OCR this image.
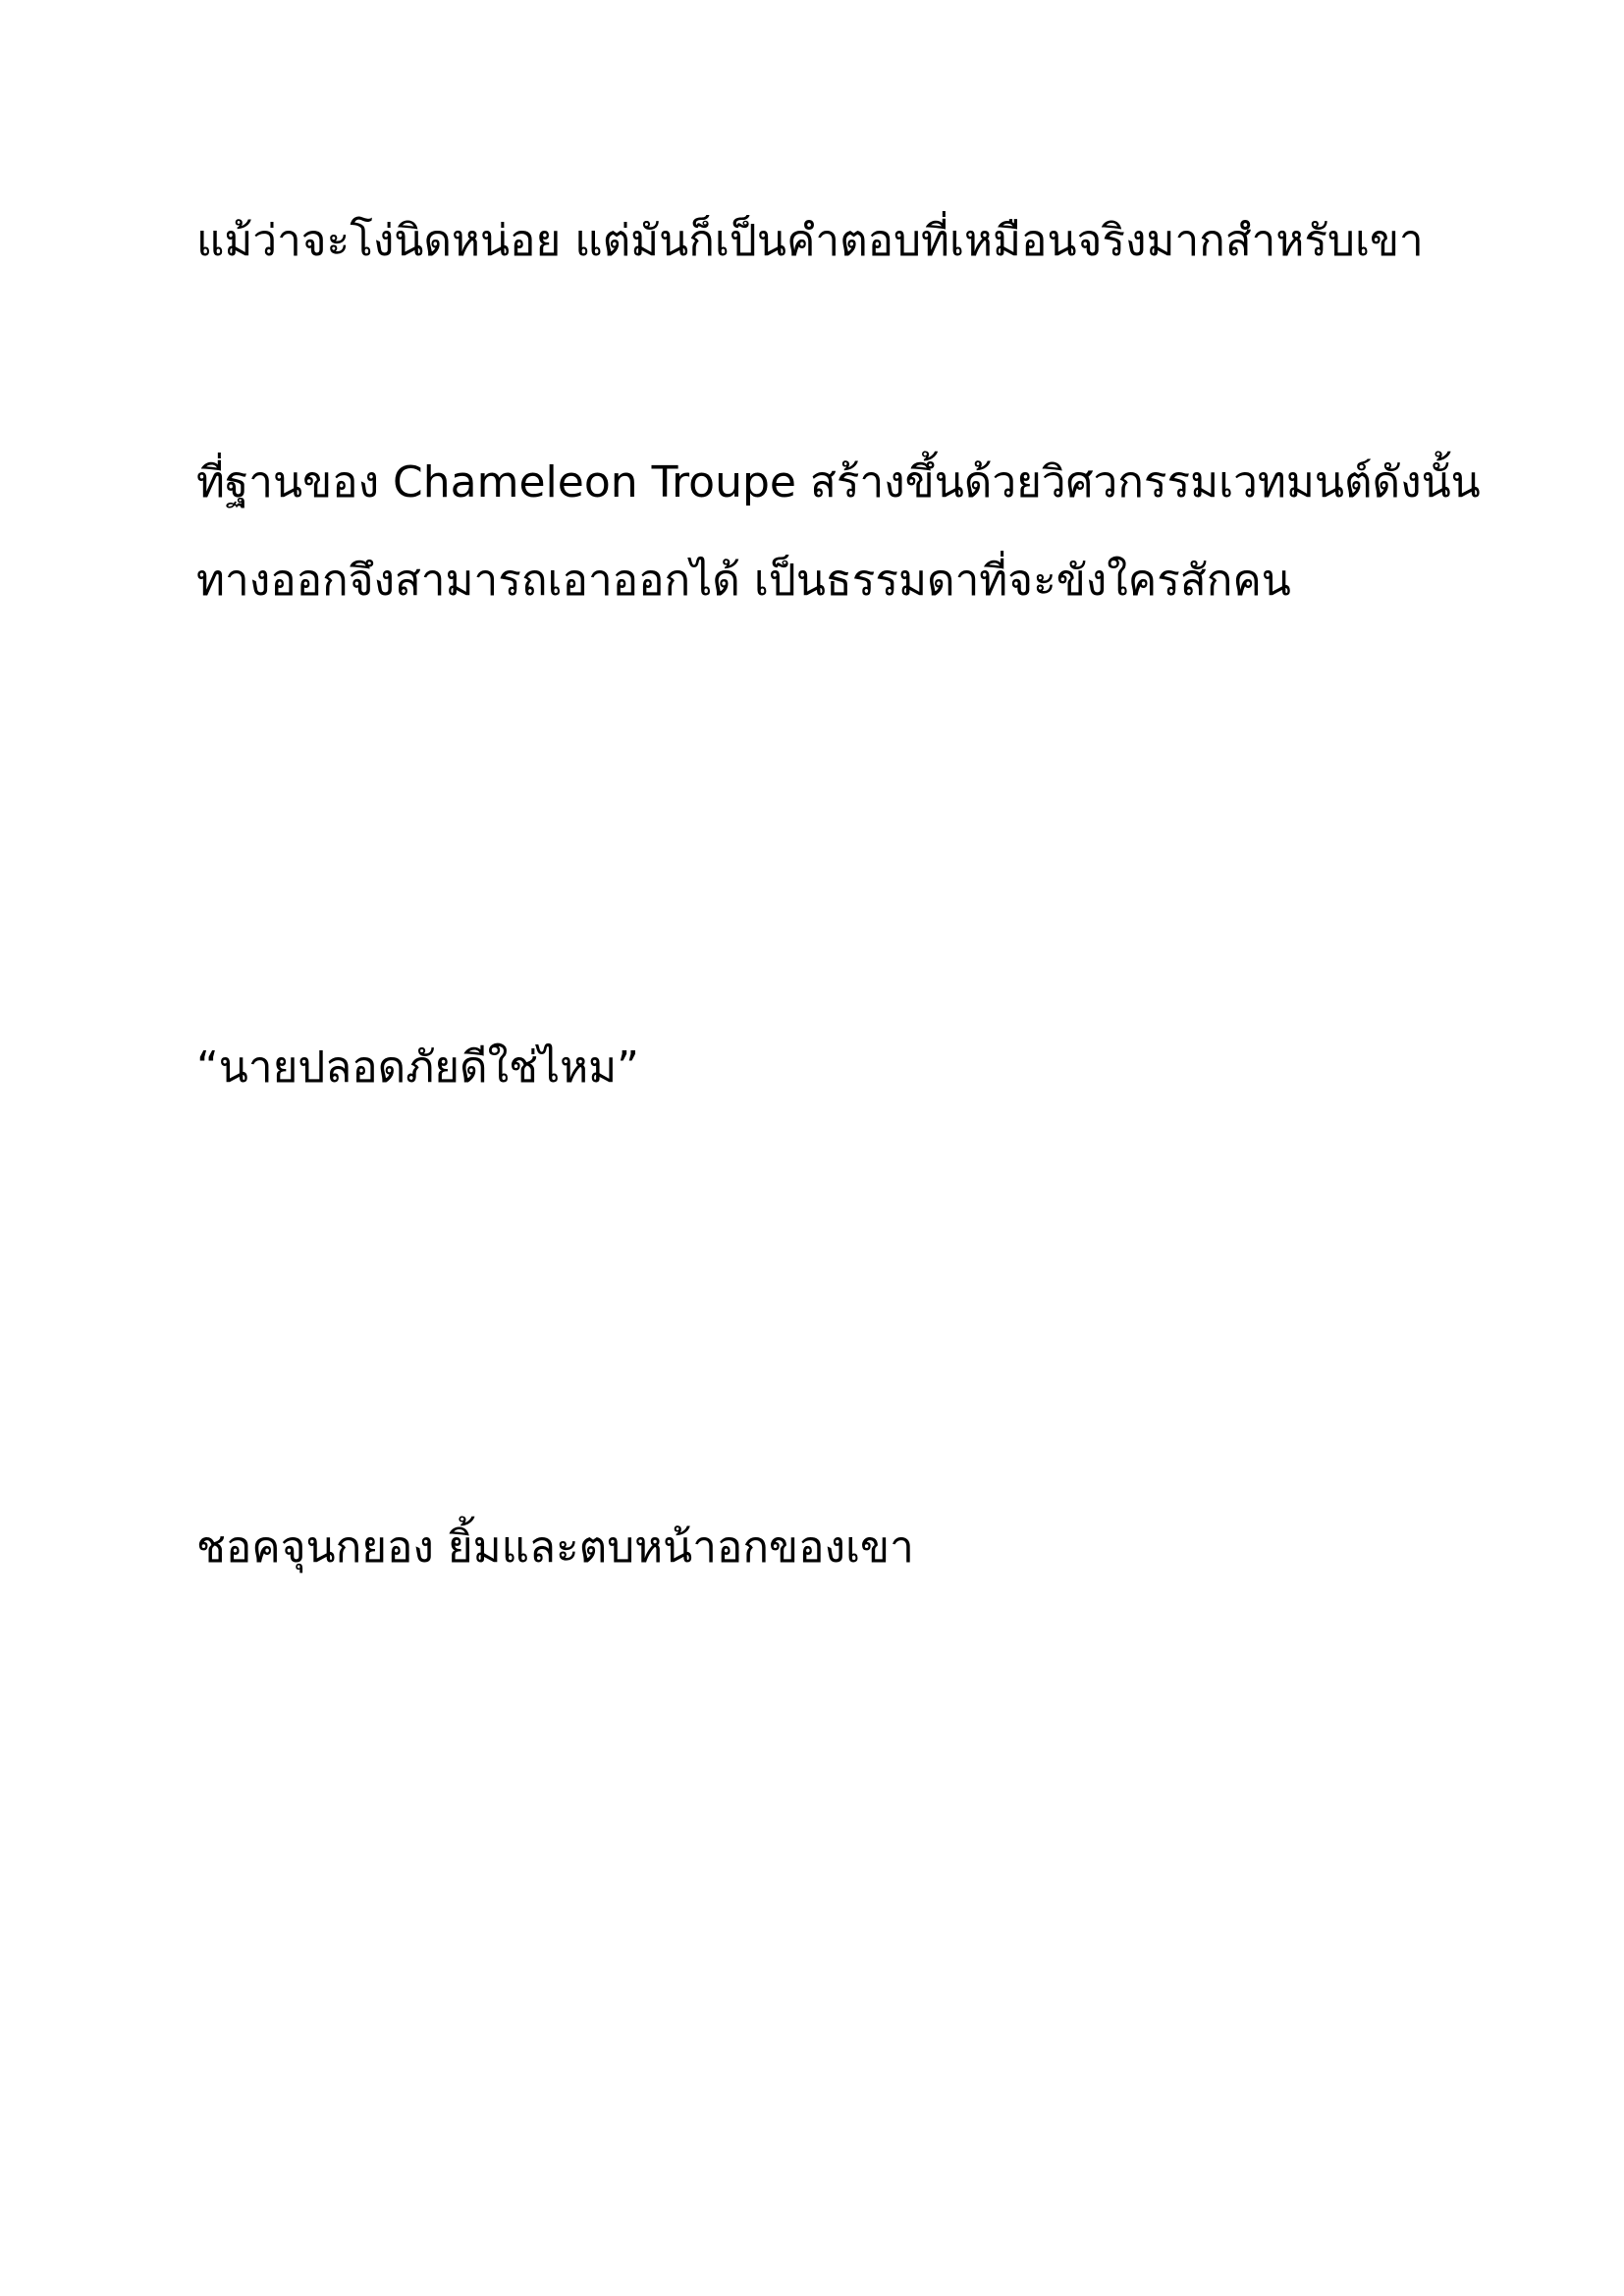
แม้ว่าจะโง่นิดหน่อย แต่มันก็เป็นคำตอบที่เหมือนจริงมากสำหรับเขา

ที่ฐานของ Chameleon Troupe สร้างขึ้นด้วยวิศวกรรมเวทมนต์ดังนั้น

ทางออกจึงสามารถเอาออกได้ เป็นธรรมดาที่จะขังใครสักคน

“นายปลอดภัยดีใช่ไหม”

ชอคจุนกยอง ยิ้มและตบหน้าอกของเขา
